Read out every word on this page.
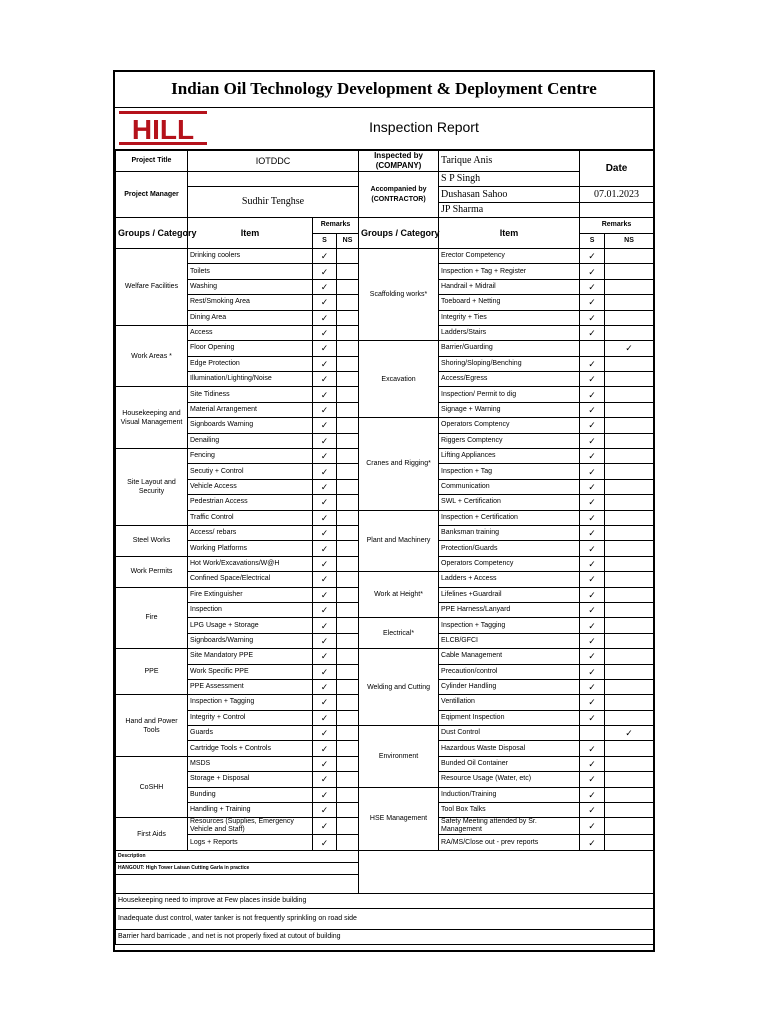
Indian Oil Technology Development & Deployment Centre
HILL	Inspection Report
Project Title	IOTDDC			Inspected by (COMPANY)	Tarique Anis	Date	
Project Manager				Accompanied by (CONTRACTOR)	S P Singh		
	Sudhir Tenghse				Dushasan Sahoo	07.01.2023	
					JP Sharma		
Groups / Category	Item	Remarks		Groups / Category	Item	Remarks	
		S	NS			S	NS
Welfare Facilities	Drinking coolers	✓		Scaffolding works*	Erector Competency	✓	
	Toilets	✓			Inspection + Tag + Register	✓	
	Washing	✓			Handrail + Midrail	✓	
	Rest/Smoking Area	✓			Toeboard + Netting	✓	
	Dining Area	✓			Integrity + Ties	✓	
Work Areas *	Access	✓			Ladders/Stairs	✓	
	Floor Opening	✓		Excavation	Barrier/Guarding		✓
	Edge Protection	✓			Shoring/Sloping/Benching	✓	
	Illumination/Lighting/Noise	✓			Access/Egress	✓	
Housekeeping and Visual Management	Site Tidiness	✓			Inspection/ Permit to dig	✓	
	Material Arrangement	✓			Signage + Warning	✓	
	Signboards Warning	✓		Cranes and Rigging*	Operators Comptency	✓	
	Denailing	✓			Riggers Comptency	✓	
Site Layout and Security	Fencing	✓			Lifting Appliances	✓	
	Secutiy + Control	✓			Inspection + Tag	✓	
	Vehicle Access	✓			Communication	✓	
	Pedestrian Access	✓			SWL + Certification	✓	
	Traffic Control	✓		Plant and Machinery	Inspection + Certification	✓	
Steel Works	Access/ rebars	✓			Banksman training	✓	
	Working Platforms	✓			Protection/Guards	✓	
Work Permits	Hot Work/Excavations/W@H	✓			Operators Competency	✓	
	Confined Space/Electrical	✓		Work at Height*	Ladders + Access	✓	
Fire	Fire Extinguisher	✓			Lifelines +Guardrail	✓	
	Inspection	✓			PPE Harness/Lanyard	✓	
	LPG Usage + Storage	✓		Electrical*	Inspection + Tagging	✓	
	Signboards/Warning	✓			ELCB/GFCI	✓	
PPE	Site Mandatory PPE	✓		Welding and Cutting	Cable Management	✓	
	Work Specific PPE	✓			Precaution/control	✓	
	PPE Assessment	✓			Cylinder Handling	✓	
Hand and Power Tools	Inspection + Tagging	✓			Ventillation	✓	
	Integrity + Control	✓			Eqipment Inspection	✓	
	Guards	✓		Environment	Dust Control		✓
	Cartridge Tools + Controls	✓			Hazardous Waste Disposal	✓	
CoSHH	MSDS	✓			Bunded Oil Container	✓	
	Storage + Disposal	✓			Resource Usage (Water, etc)	✓	
	Bunding	✓		HSE Management	Induction/Training	✓	
	Handling + Training	✓			Tool Box Talks	✓	
First Aids	Resources (Supplies, Emergency Vehicle and Staff)	✓			Safety Meeting attended by Sr. Management	✓	
	Logs + Reports	✓			RA/MS/Close out - prev reports	✓	
Description							
HANGOUT: High Tower Laisan Cutting Garla in practice							

Housekeeping need to improve at Few places inside building							
Inadequate dust control, water tanker is not frequently sprinkling on road side							
Barrier hard barricade , and net is not properly fixed at cutout of building							
